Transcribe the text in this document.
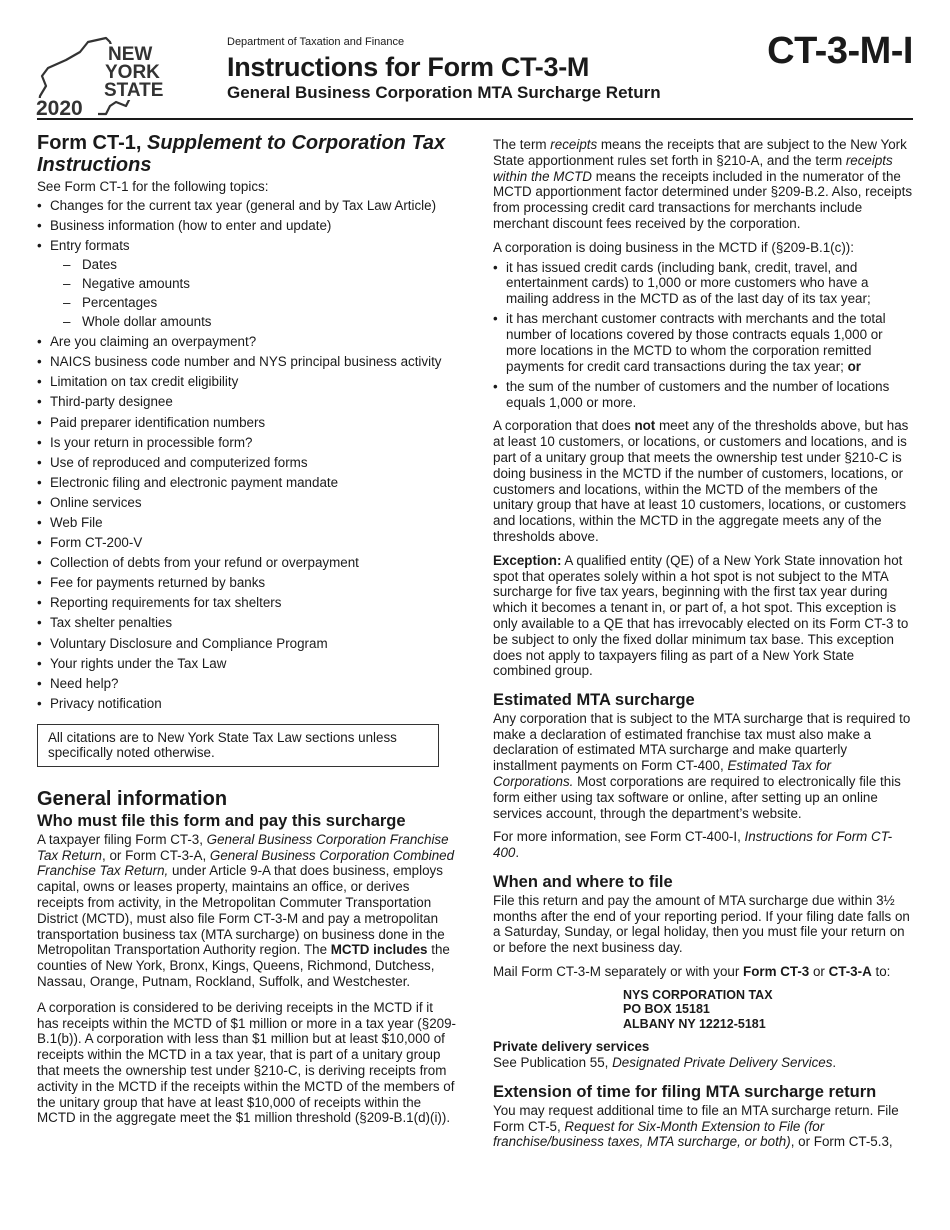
NEW
YORK
STATE
2020
Department of Taxation and Finance
Instructions for Form CT-3-M
General Business Corporation MTA Surcharge Return
CT-3-M-I
Form CT-1, Supplement to Corporation Tax Instructions
See Form CT-1 for the following topics:
• Changes for the current tax year (general and by Tax Law Article)
• Business information (how to enter and update)
• Entry formats
– Dates
– Negative amounts
– Percentages
– Whole dollar amounts
• Are you claiming an overpayment?
• NAICS business code number and NYS principal business activity
• Limitation on tax credit eligibility
• Third-party designee
• Paid preparer identification numbers
• Is your return in processible form?
• Use of reproduced and computerized forms
• Electronic filing and electronic payment mandate
• Online services
• Web File
• Form CT-200-V
• Collection of debts from your refund or overpayment
• Fee for payments returned by banks
• Reporting requirements for tax shelters
• Tax shelter penalties
• Voluntary Disclosure and Compliance Program
• Your rights under the Tax Law
• Need help?
• Privacy notification
All citations are to New York State Tax Law sections unless specifically noted otherwise.
General information
Who must file this form and pay this surcharge

A taxpayer filing Form CT-3, General Business Corporation Franchise Tax Return, or Form CT-3-A, General Business Corporation Combined Franchise Tax Return, under Article 9-A that does business, employs capital, owns or leases property, maintains an office, or derives receipts from activity, in the Metropolitan Commuter Transportation District (MCTD), must also file Form CT-3-M and pay a metropolitan transportation business tax (MTA surcharge) on business done in the Metropolitan Transportation Authority region. The MCTD includes the counties of New York, Bronx, Kings, Queens, Richmond, Dutchess, Nassau, Orange, Putnam, Rockland, Suffolk, and Westchester.

A corporation is considered to be deriving receipts in the MCTD if it has receipts within the MCTD of $1 million or more in a tax year (§209-B.1(b)). A corporation with less than $1 million but at least $10,000 of receipts within the MCTD in a tax year, that is part of a unitary group that meets the ownership test under §210-C, is deriving receipts from activity in the MCTD if the receipts within the MCTD of the members of the unitary group that have at least $10,000 of receipts within the MCTD in the aggregate meet the $1 million threshold (§209-B.1(d)(i)).

The term receipts means the receipts that are subject to the New York State apportionment rules set forth in §210-A, and the term receipts within the MCTD means the receipts included in the numerator of the MCTD apportionment factor determined under §209-B.2. Also, receipts from processing credit card transactions for merchants include merchant discount fees received by the corporation.

A corporation is doing business in the MCTD if (§209-B.1(c)):

• it has issued credit cards (including bank, credit, travel, and entertainment cards) to 1,000 or more customers who have a mailing address in the MCTD as of the last day of its tax year;
• it has merchant customer contracts with merchants and the total number of locations covered by those contracts equals 1,000 or more locations in the MCTD to whom the corporation remitted payments for credit card transactions during the tax year; or
• the sum of the number of customers and the number of locations equals 1,000 or more.

A corporation that does not meet any of the thresholds above, but has at least 10 customers, or locations, or customers and locations, and is part of a unitary group that meets the ownership test under §210-C is doing business in the MCTD if the number of customers, locations, or customers and locations, within the MCTD of the members of the unitary group that have at least 10 customers, locations, or customers and locations, within the MCTD in the aggregate meets any of the thresholds above.

Exception: A qualified entity (QE) of a New York State innovation hot spot that operates solely within a hot spot is not subject to the MTA surcharge for five tax years, beginning with the first tax year during which it becomes a tenant in, or part of, a hot spot. This exception is only available to a QE that has irrevocably elected on its Form CT-3 to be subject to only the fixed dollar minimum tax base. This exception does not apply to taxpayers filing as part of a New York State combined group.

Estimated MTA surcharge

Any corporation that is subject to the MTA surcharge that is required to make a declaration of estimated franchise tax must also make a declaration of estimated MTA surcharge and make quarterly installment payments on Form CT-400, Estimated Tax for Corporations. Most corporations are required to electronically file this form either using tax software or online, after setting up an online services account, through the department’s website.

For more information, see Form CT-400-I, Instructions for Form CT-400.

When and where to file

File this return and pay the amount of MTA surcharge due within 3½ months after the end of your reporting period. If your filing date falls on a Saturday, Sunday, or legal holiday, then you must file your return on or before the next business day.

Mail Form CT-3-M separately or with your Form CT-3 or CT-3-A to:

NYS CORPORATION TAX
PO BOX 15181
ALBANY NY 12212-5181
Private delivery services

See Publication 55, Designated Private Delivery Services.

Extension of time for filing MTA surcharge return

You may request additional time to file an MTA surcharge return. File Form CT-5, Request for Six-Month Extension to File (for franchise/business taxes, MTA surcharge, or both), or Form CT-5.3,
